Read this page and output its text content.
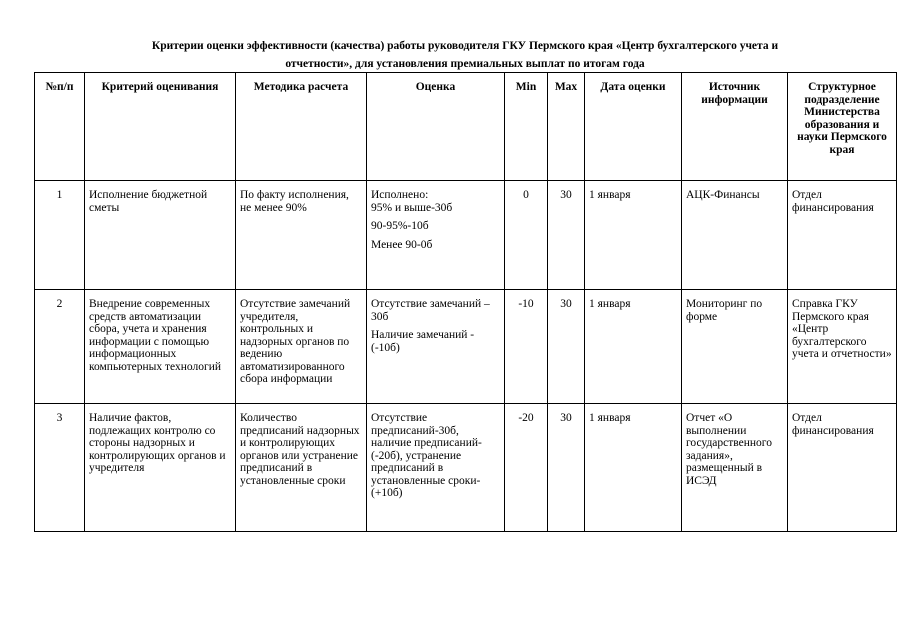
Критерии оценки эффективности (качества) работы руководителя ГКУ Пермского края «Центр бухгалтерского учета и
отчетности», для установления премиальных выплат по итогам года
№п/п	Критерий оценивания	Методика расчета	Оценка	Min	Max	Дата оценки	Источник информации	Структурное подразделение Министерства образования и науки Пермского края
1	Исполнение бюджетной сметы	По факту исполнения, не менее 90%	Исполнено:
95% и выше-30б
90-95%-10б
Менее 90-0б	0	30	1 января	АЦК-Финансы	Отдел финансирования
2	Внедрение современных средств автоматизации сбора, учета и хранения информации с помощью информационных компьютерных технологий	Отсутствие замечаний учредителя, контрольных и надзорных органов по ведению автоматизированного сбора информации	Отсутствие замечаний – 30б
Наличие замечаний -
(-10б)	-10	30	1 января	Мониторинг по форме	Справка ГКУ Пермского края «Центр бухгалтерского учета и отчетности»
3	Наличие фактов, подлежащих контролю со стороны надзорных и контролирующих органов и учредителя	Количество предписаний надзорных и контролирующих органов или устранение предписаний в установленные сроки	Отсутствие предписаний-30б, наличие предписаний-(-20б), устранение предписаний в установленные сроки-(+10б)	-20	30	1 января	Отчет «О выполнении государственного задания», размещенный в ИСЭД	Отдел финансирования
